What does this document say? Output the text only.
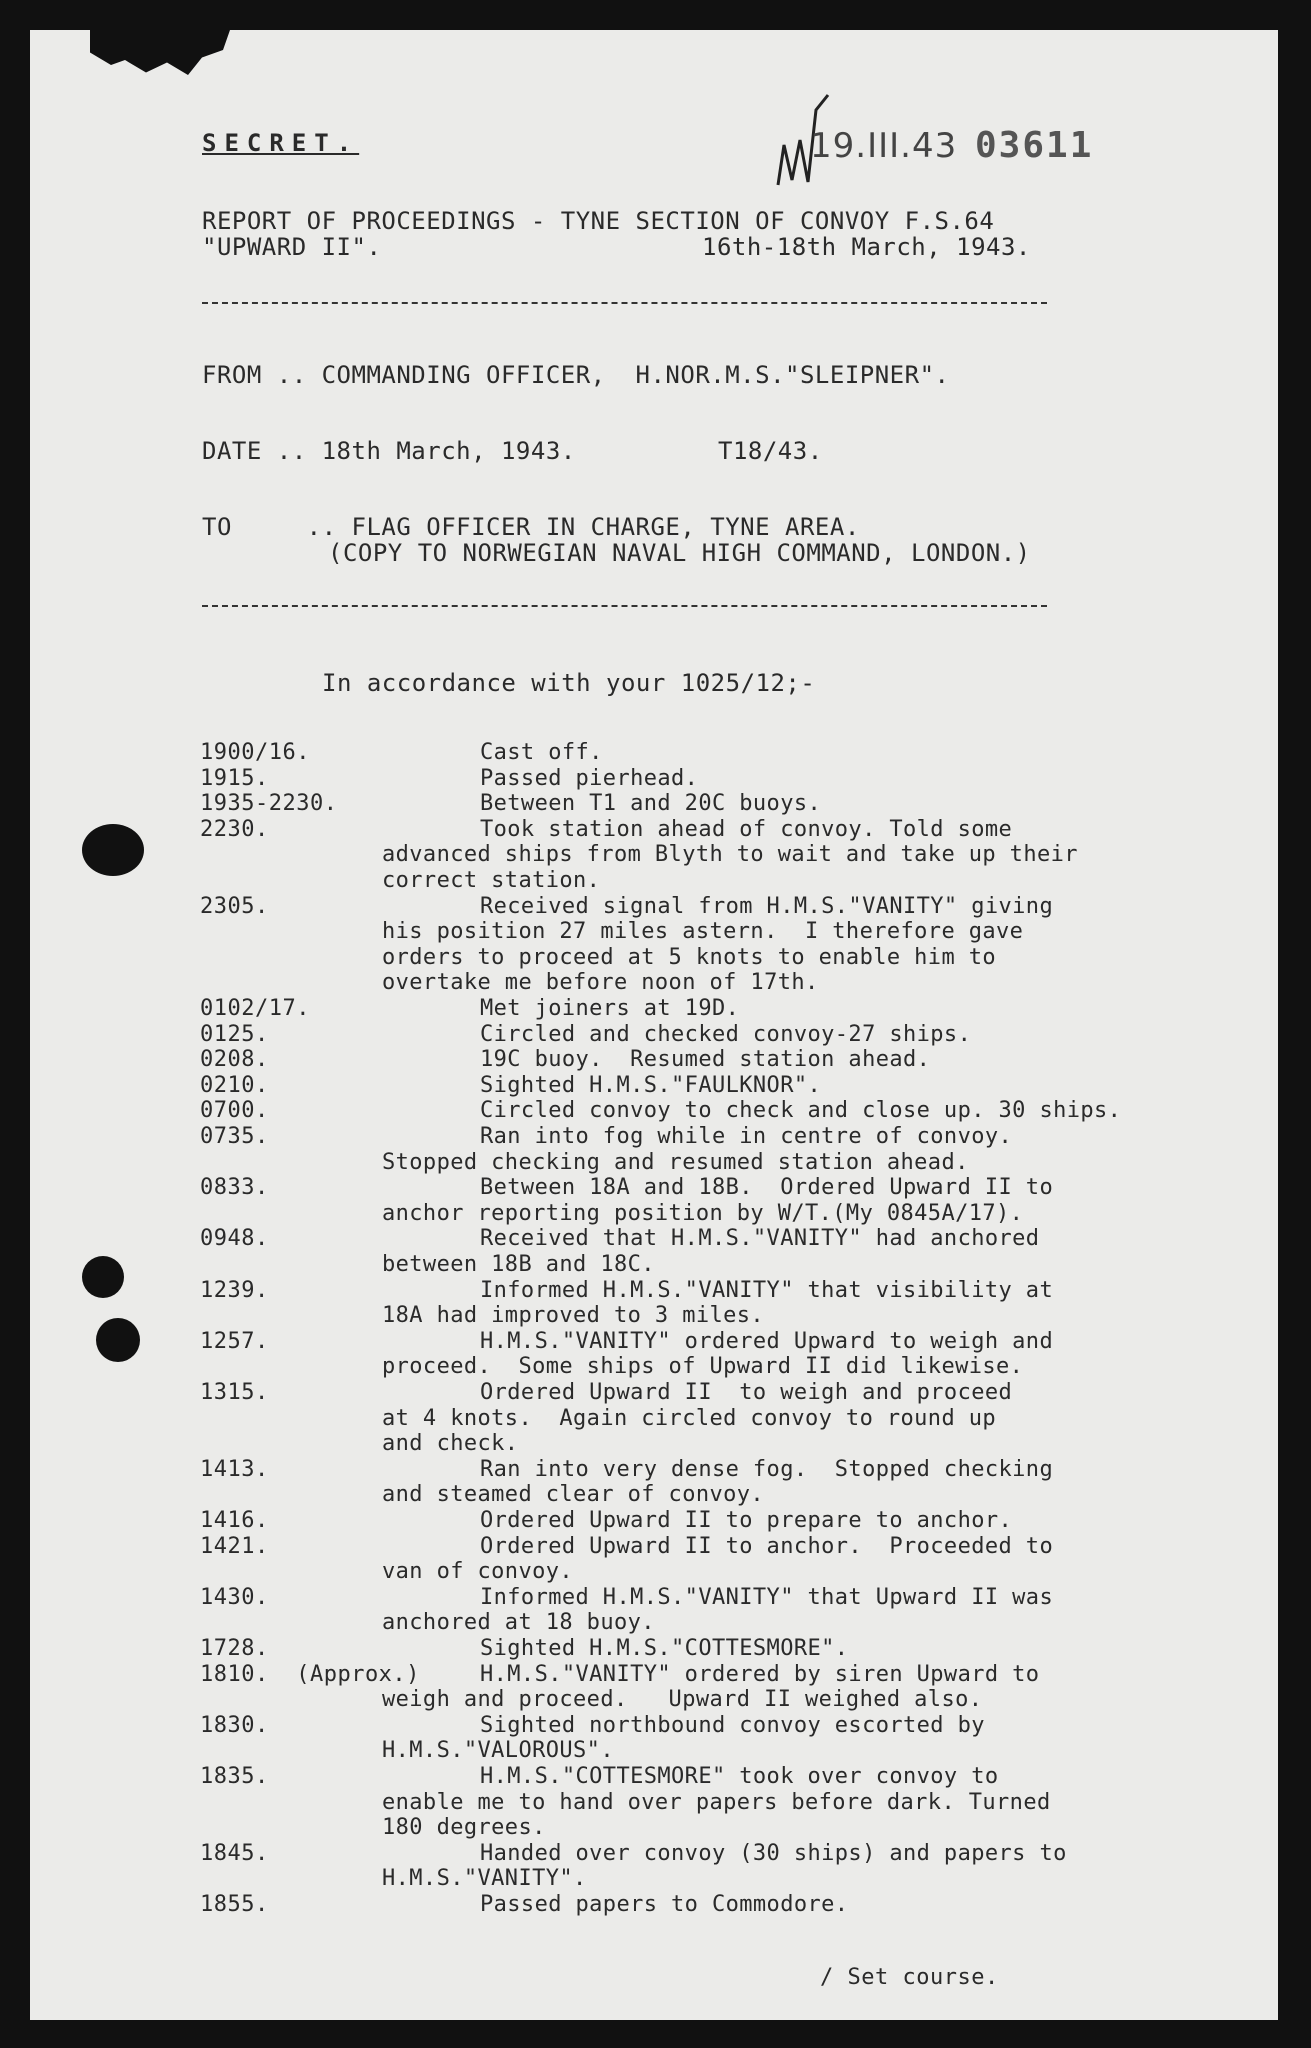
SECRET.	19.III.43 03611
REPORT OF PROCEEDINGS - TYNE SECTION OF CONVOY F.S.64
"UPWARD II".	16th-18th March, 1943.
FROM .. COMMANDING OFFICER,  H.NOR.M.S."SLEIPNER".
DATE .. 18th March, 1943.	T18/43.
TO     .. FLAG OFFICER IN CHARGE, TYNE AREA.
(COPY TO NORWEGIAN NAVAL HIGH COMMAND, LONDON.)
In accordance with your 1025/12;-
1900/16.	Cast off.
1915.	Passed pierhead.
1935-2230.	Between T1 and 20C buoys.
2230.	Took station ahead of convoy. Told some
advanced ships from Blyth to wait and take up their
correct station.
2305.	Received signal from H.M.S."VANITY" giving
his position 27 miles astern.  I therefore gave
orders to proceed at 5 knots to enable him to
overtake me before noon of 17th.
0102/17.	Met joiners at 19D.
0125.	Circled and checked convoy-27 ships.
0208.	19C buoy.  Resumed station ahead.
0210.	Sighted H.M.S."FAULKNOR".
0700.	Circled convoy to check and close up. 30 ships.
0735.	Ran into fog while in centre of convoy.
Stopped checking and resumed station ahead.
0833.	Between 18A and 18B.  Ordered Upward II to
anchor reporting position by W/T.(My 0845A/17).
0948.	Received that H.M.S."VANITY" had anchored
between 18B and 18C.
1239.	Informed H.M.S."VANITY" that visibility at
18A had improved to 3 miles.
1257.	H.M.S."VANITY" ordered Upward to weigh and
proceed.  Some ships of Upward II did likewise.
1315.	Ordered Upward II  to weigh and proceed
at 4 knots.  Again circled convoy to round up
and check.
1413.	Ran into very dense fog.  Stopped checking
and steamed clear of convoy.
1416.	Ordered Upward II to prepare to anchor.
1421.	Ordered Upward II to anchor.  Proceeded to
van of convoy.
1430.	Informed H.M.S."VANITY" that Upward II was
anchored at 18 buoy.
1728.	Sighted H.M.S."COTTESMORE".
1810.  (Approx.)	H.M.S."VANITY" ordered by siren Upward to
weigh and proceed.   Upward II weighed also.
1830.	Sighted northbound convoy escorted by
H.M.S."VALOROUS".
1835.	H.M.S."COTTESMORE" took over convoy to
enable me to hand over papers before dark. Turned
180 degrees.
1845.	Handed over convoy (30 ships) and papers to
H.M.S."VANITY".
1855.	Passed papers to Commodore.
/ Set course.
